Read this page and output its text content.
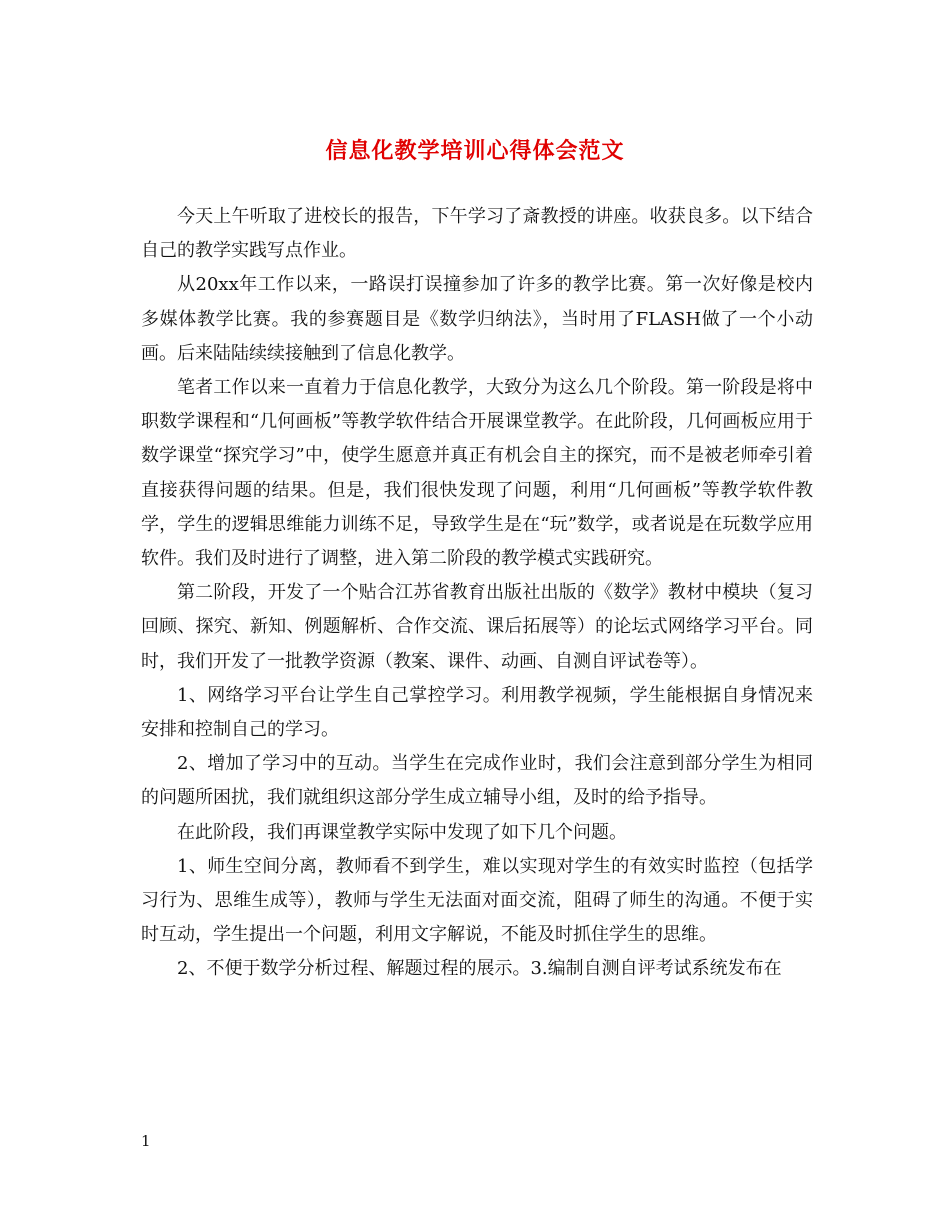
信息化教学培训心得体会范文

今天上午听取了进校长的报告，下午学习了斎教授的讲座。收获良多。以下结合自己的教学实践写点作业。

从20xx年工作以来，一路误打误撞参加了许多的教学比赛。第一次好像是校内多媒体教学比赛。我的参赛题目是《数学归纳法》，当时用了FLASH做了一个小动画。后来陆陆续续接触到了信息化教学。

笔者工作以来一直着力于信息化教学，大致分为这么几个阶段。第一阶段是将中职数学课程和“几何画板”等教学软件结合开展课堂教学。在此阶段，几何画板应用于数学课堂“探究学习”中，使学生愿意并真正有机会自主的探究，而不是被老师牵引着直接获得问题的结果。但是，我们很快发现了问题，利用“几何画板”等教学软件教学，学生的逻辑思维能力训练不足，导致学生是在“玩”数学，或者说是在玩数学应用软件。我们及时进行了调整，进入第二阶段的教学模式实践研究。

第二阶段，开发了一个贴合江苏省教育出版社出版的《数学》教材中模块（复习回顾、探究、新知、例题解析、合作交流、课后拓展等）的论坛式网络学习平台。同时，我们开发了一批教学资源（教案、课件、动画、自测自评试卷等）。

1、网络学习平台让学生自己掌控学习。利用教学视频，学生能根据自身情况来安排和控制自己的学习。

2、增加了学习中的互动。当学生在完成作业时，我们会注意到部分学生为相同的问题所困扰，我们就组织这部分学生成立辅导小组，及时的给予指导。

在此阶段，我们再课堂教学实际中发现了如下几个问题。

1、师生空间分离，教师看不到学生，难以实现对学生的有效实时监控（包括学习行为、思维生成等），教师与学生无法面对面交流，阻碍了师生的沟通。不便于实时互动，学生提出一个问题，利用文字解说，不能及时抓住学生的思维。

2、不便于数学分析过程、解题过程的展示。3.编制自测自评考试系统发布在

1
